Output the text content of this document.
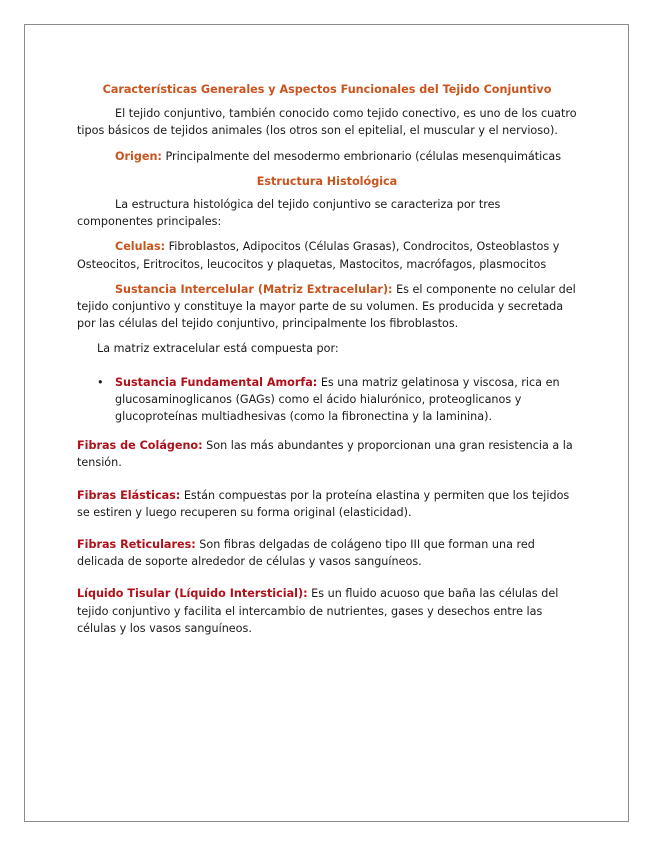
Características Generales y Aspectos Funcionales del Tejido Conjuntivo

El tejido conjuntivo, también conocido como tejido conectivo, es uno de los cuatro tipos básicos de tejidos animales (los otros son el epitelial, el muscular y el nervioso).

Origen: Principalmente del mesodermo embrionario (células mesenquimáticas

Estructura Histológica

La estructura histológica del tejido conjuntivo se caracteriza por tres componentes principales:

Celulas: Fibroblastos, Adipocitos (Células Grasas), Condrocitos, Osteoblastos y Osteocitos, Eritrocitos, leucocitos y plaquetas, Mastocitos, macrófagos, plasmocitos

Sustancia Intercelular (Matriz Extracelular): Es el componente no celular del tejido conjuntivo y constituye la mayor parte de su volumen. Es producida y secretada por las células del tejido conjuntivo, principalmente los fibroblastos.

La matriz extracelular está compuesta por:

• Sustancia Fundamental Amorfa: Es una matriz gelatinosa y viscosa, rica en glucosaminoglicanos (GAGs) como el ácido hialurónico, proteoglicanos y glucoproteínas multiadhesivas (como la fibronectina y la laminina).

Fibras de Colágeno: Son las más abundantes y proporcionan una gran resistencia a la tensión.

Fibras Elásticas: Están compuestas por la proteína elastina y permiten que los tejidos se estiren y luego recuperen su forma original (elasticidad).

Fibras Reticulares: Son fibras delgadas de colágeno tipo III que forman una red delicada de soporte alrededor de células y vasos sanguíneos.

Líquido Tisular (Líquido Intersticial): Es un fluido acuoso que baña las células del tejido conjuntivo y facilita el intercambio de nutrientes, gases y desechos entre las células y los vasos sanguíneos.
